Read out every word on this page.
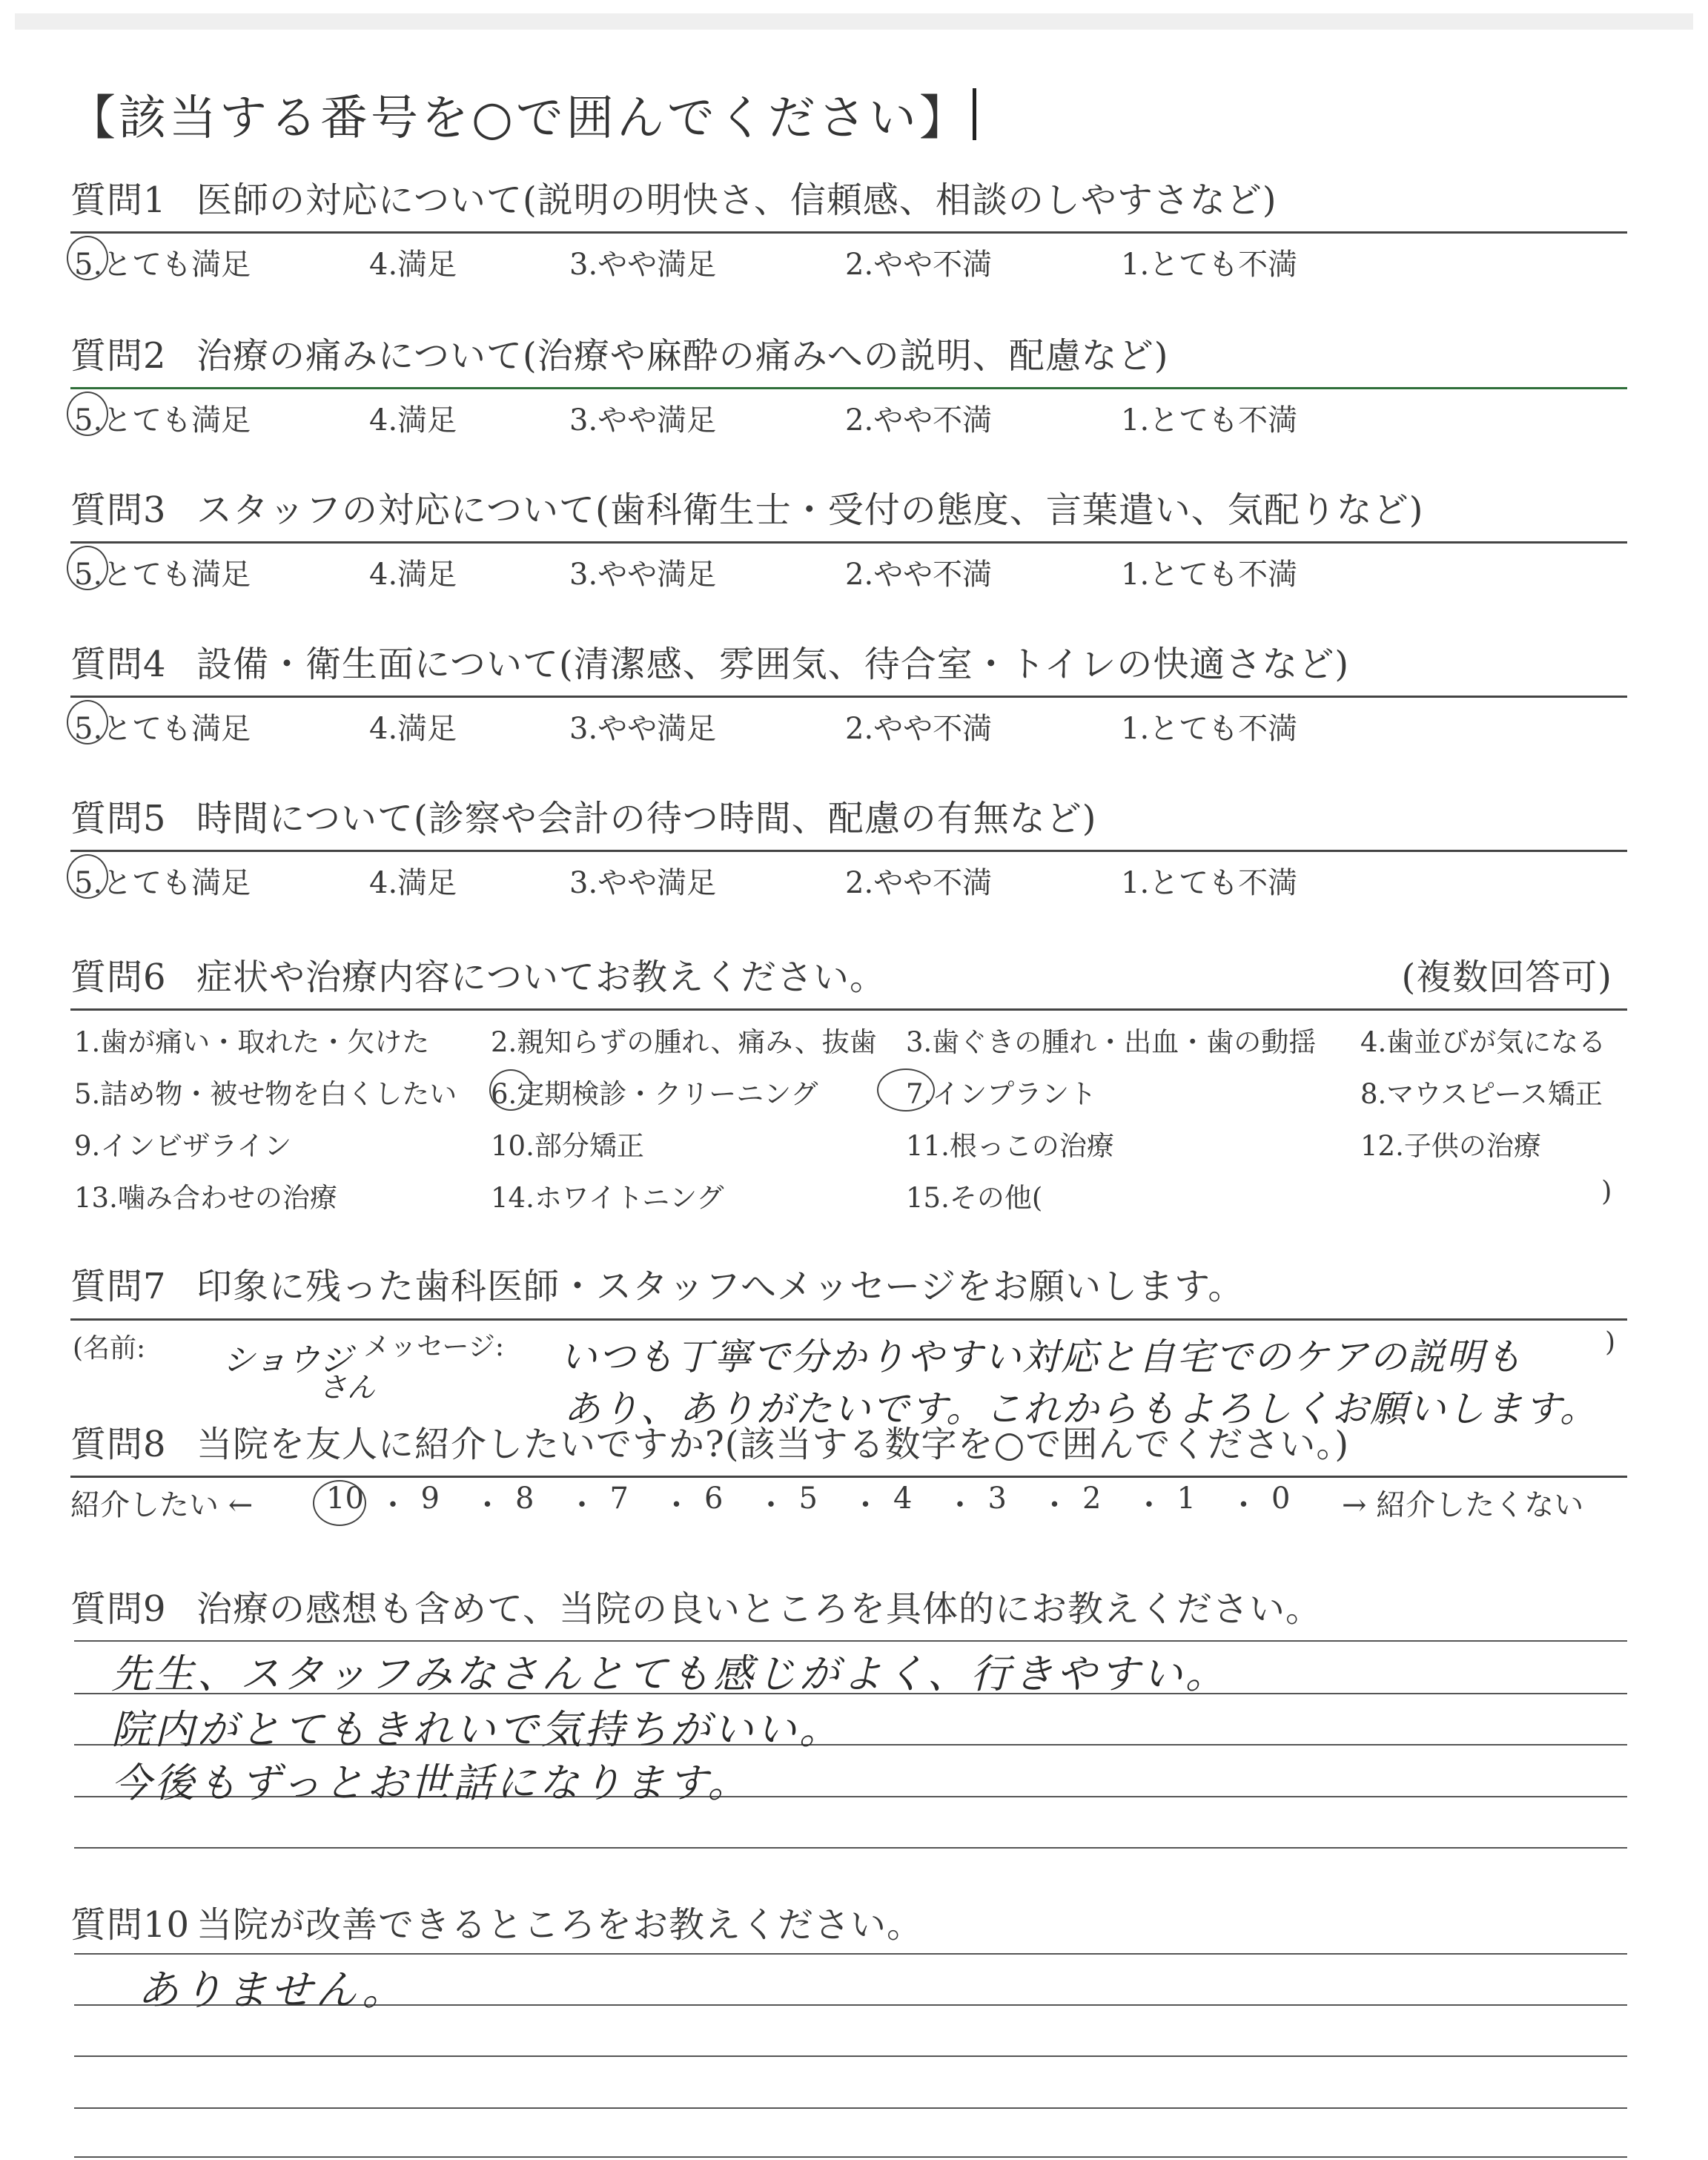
【該当する番号を○で囲んでください】
質問1 医師の対応について(説明の明快さ、信頼感、相談のしやすさなど)
5.とても満足	4.満足	3.やや満足	2.やや不満	1.とても不満
質問2 治療の痛みについて(治療や麻酔の痛みへの説明、配慮など)
5.とても満足	4.満足	3.やや満足	2.やや不満	1.とても不満
質問3 スタッフの対応について(歯科衛生士・受付の態度、言葉遣い、気配りなど)
5.とても満足	4.満足	3.やや満足	2.やや不満	1.とても不満
質問4 設備・衛生面について(清潔感、雰囲気、待合室・トイレの快適さなど)
5.とても満足	4.満足	3.やや満足	2.やや不満	1.とても不満
質問5 時間について(診察や会計の待つ時間、配慮の有無など)
5.とても満足	4.満足	3.やや満足	2.やや不満	1.とても不満
質問6 症状や治療内容についてお教えください。	(複数回答可)
1.歯が痛い・取れた・欠けた 2.親知らずの腫れ、痛み、抜歯 3.歯ぐきの腫れ・出血・歯の動揺 4.歯並びが気になる
5.詰め物・被せ物を白くしたい 6.定期検診・クリーニング	7.インプラント	8.マウスピース矯正
9.インビザライン	10.部分矯正	11.根っこの治療	12.子供の治療
13.噛み合わせの治療	14.ホワイトニング	15.その他(	)
質問7 印象に残った歯科医師・スタッフへメッセージをお願いします。
(名前: ショウジ
さん
メッセージ: いつも丁寧で分かりやすい対応と自宅でのケアの説明も
あり、ありがたいです。これからもよろしくお願いします。
)
質問8 当院を友人に紹介したいですか?(該当する数字を○で囲んでください。)
紹介したい ← 10 ・ 9 ・ 8 ・ 7 ・ 6 ・ 5 ・ 4 ・ 3 ・ 2 ・ 1 ・ 0 → 紹介したくない
質問9 治療の感想も含めて、当院の良いところを具体的にお教えください。
先生、スタッフみなさんとても感じがよく、行きやすい。
院内がとてもきれいで気持ちがいい。
今後もずっとお世話になります。
質問10 当院が改善できるところをお教えください。
ありません。
